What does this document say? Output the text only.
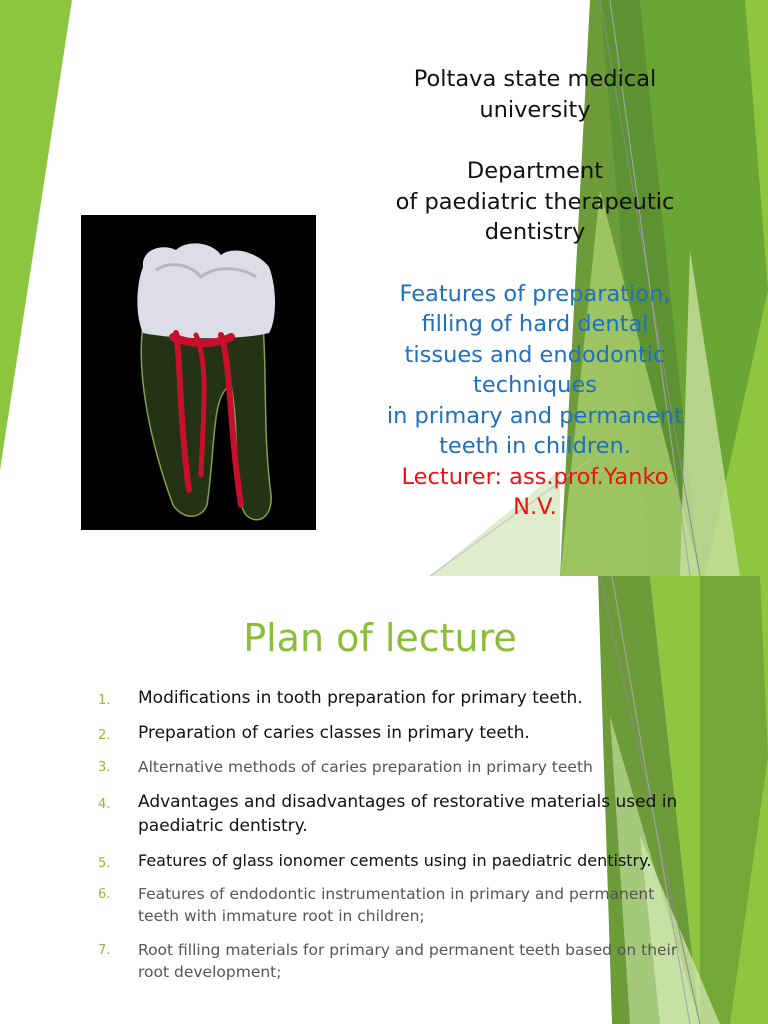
Poltava state medical
university
Department
of paediatric therapeutic
dentistry
Features of preparation,
filling of hard dental
tissues and endodontic
techniques
in primary and permanent
teeth in children.
Lecturer: ass.prof.Yanko
N.V.
Plan of lecture
1. Modifications in tooth preparation for primary teeth.
2. Preparation of caries classes in primary teeth.
3. Alternative methods of caries preparation in primary teeth
4. Advantages and disadvantages of restorative materials used in paediatric dentistry.
5. Features of glass ionomer cements using in paediatric dentistry.
6. Features of endodontic instrumentation in primary and permanent teeth with immature root in children;
7. Root filling materials for primary and permanent teeth based on their root development;
